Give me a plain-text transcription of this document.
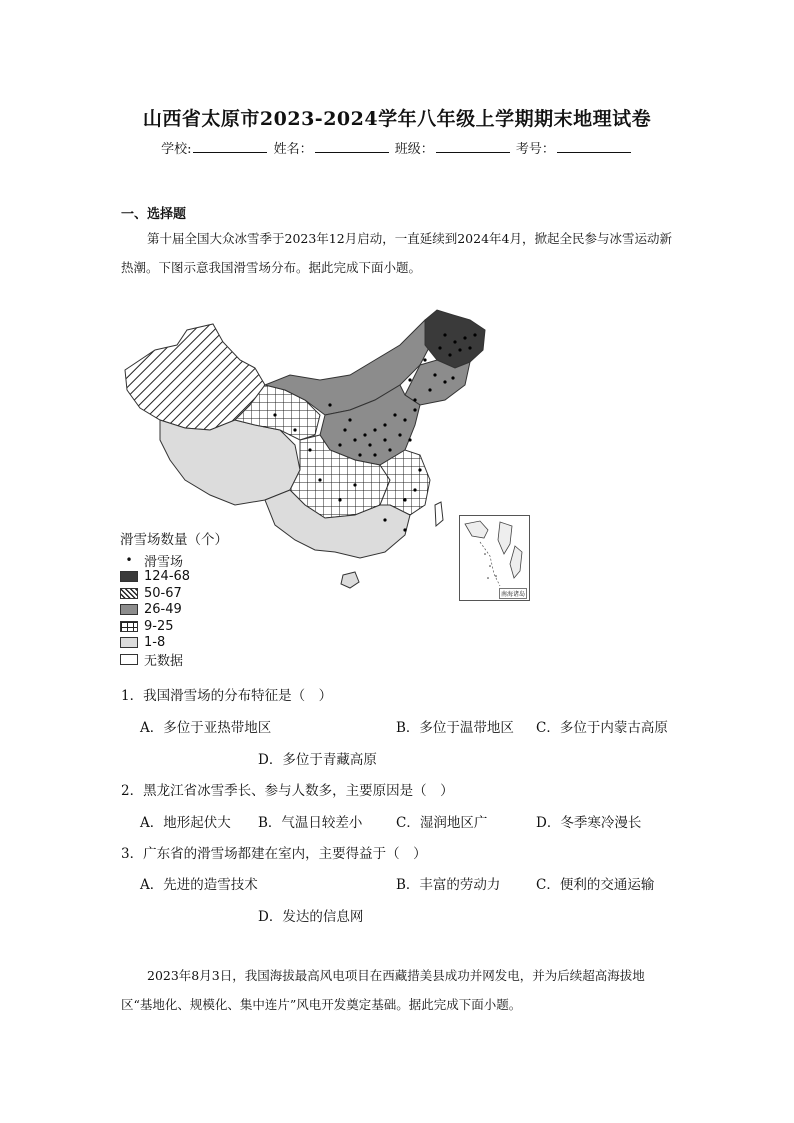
山西省太原市2023-2024学年八年级上学期期末地理试卷
学校:	姓名：	班级：	考号：
一、选择题
第十届全国大众冰雪季于2023年12月启动，一直延续到2024年4月，掀起全民参与冰雪运动新热潮。下图示意我国滑雪场分布。据此完成下面小题。
滑雪场数量（个）
• 滑雪场
124-68
50-67
26-49
9-25
1-8
无数据
南海诸岛
1．我国滑雪场的分布特征是（　）
A．多位于亚热带地区	B．多位于温带地区 C．多位于内蒙古高原
D．多位于青藏高原
2．黑龙江省冰雪季长、参与人数多，主要原因是（　）
A．地形起伏大 B．气温日较差小 C．湿润地区广	D．冬季寒冷漫长
3．广东省的滑雪场都建在室内，主要得益于（　）
A．先进的造雪技术	B．丰富的劳动力	C．便利的交通运输
D．发达的信息网
2023年8月3日，我国海拔最高风电项目在西藏措美县成功并网发电，并为后续超高海拔地区“基地化、规模化、集中连片”风电开发奠定基础。据此完成下面小题。
